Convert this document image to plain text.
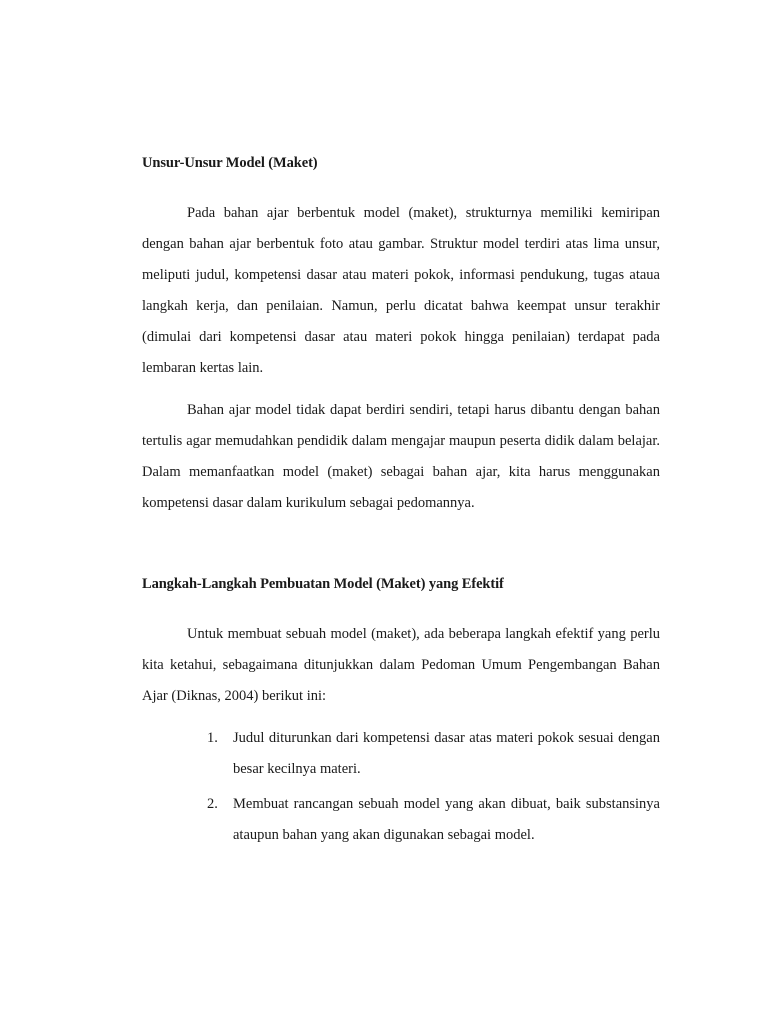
Unsur-Unsur Model (Maket)

Pada bahan ajar berbentuk model (maket), strukturnya memiliki kemiripan dengan bahan ajar berbentuk foto atau gambar. Struktur model terdiri atas lima unsur, meliputi judul, kompetensi dasar atau materi pokok, informasi pendukung, tugas ataua langkah kerja, dan penilaian. Namun, perlu dicatat bahwa keempat unsur terakhir (dimulai dari kompetensi dasar atau materi pokok hingga penilaian) terdapat pada lembaran kertas lain.

Bahan ajar model tidak dapat berdiri sendiri, tetapi harus dibantu dengan bahan tertulis agar memudahkan pendidik dalam mengajar maupun peserta didik dalam belajar. Dalam memanfaatkan model (maket) sebagai bahan ajar, kita harus menggunakan kompetensi dasar dalam kurikulum sebagai pedomannya.

Langkah-Langkah Pembuatan Model (Maket) yang Efektif

Untuk membuat sebuah model (maket), ada beberapa langkah efektif yang perlu kita ketahui, sebagaimana ditunjukkan dalam Pedoman Umum Pengembangan Bahan Ajar (Diknas, 2004) berikut ini:

1. Judul diturunkan dari kompetensi dasar atas materi pokok sesuai dengan besar kecilnya materi.
2. Membuat rancangan sebuah model yang akan dibuat, baik substansinya ataupun bahan yang akan digunakan sebagai model.
